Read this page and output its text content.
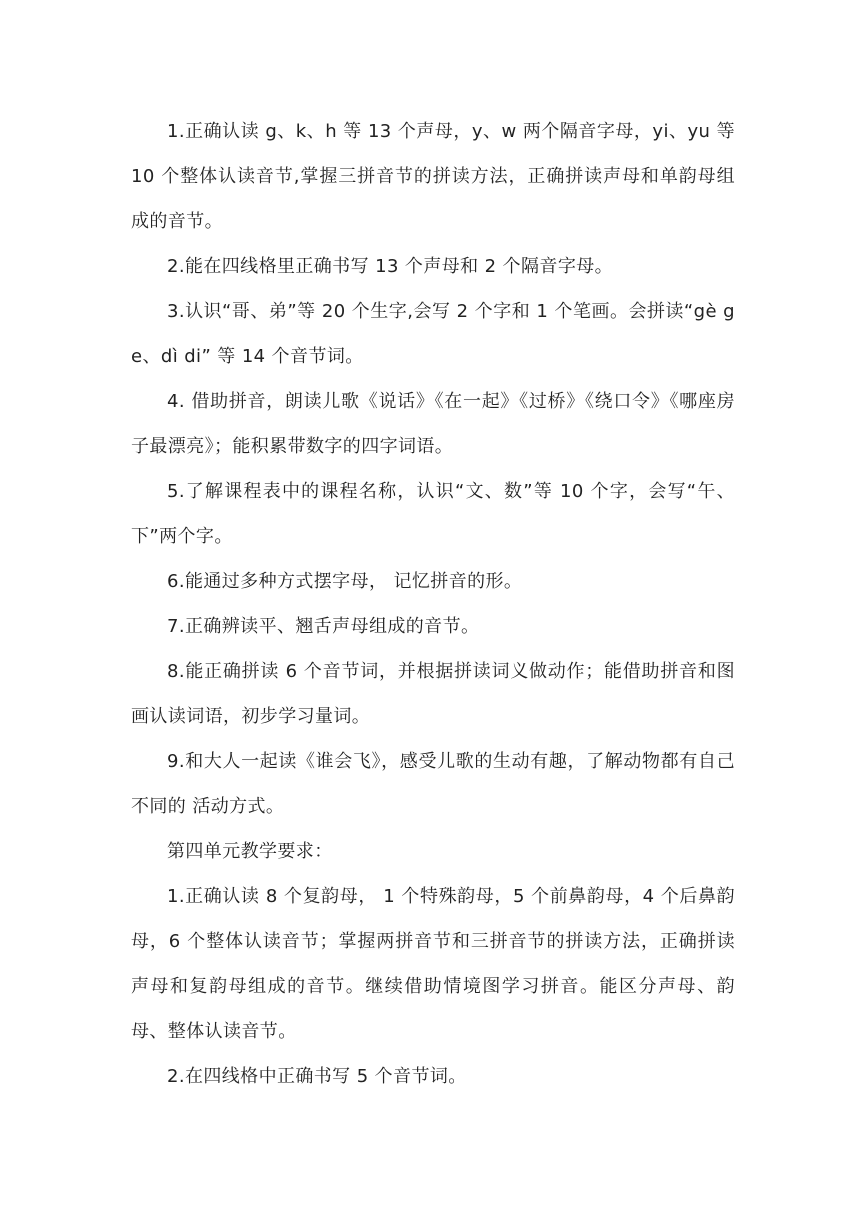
1.正确认读 g、k、h 等 13 个声母，y、w 两个隔音字母，yi、yu 等 10 个整体认读音节,掌握三拼音节的拼读方法，正确拼读声母和单韵母组成的音节。

2.能在四线格里正确书写 13 个声母和 2 个隔音字母。

3.认识“哥、弟”等 20 个生字,会写 2 个字和 1 个笔画。会拼读“gè ge、dì di” 等 14 个音节词。

4. 借助拼音，朗读儿歌《说话》《在一起》《过桥》《绕口令》《哪座房子最漂亮》；能积累带数字的四字词语。

5.了解课程表中的课程名称，认识“文、数”等 10 个字，会写“午、下”两个字。

6.能通过多种方式摆字母， 记忆拼音的形。

7.正确辨读平、翘舌声母组成的音节。

8.能正确拼读 6 个音节词，并根据拼读词义做动作；能借助拼音和图画认读词语，初步学习量词。

9.和大人一起读《谁会飞》，感受儿歌的生动有趣，了解动物都有自己不同的 活动方式。

第四单元教学要求：

1.正确认读 8 个复韵母， 1 个特殊韵母，5 个前鼻韵母，4 个后鼻韵母，6 个整体认读音节；掌握两拼音节和三拼音节的拼读方法，正确拼读声母和复韵母组成的音节。继续借助情境图学习拼音。能区分声母、韵母、整体认读音节。

2.在四线格中正确书写 5 个音节词。
